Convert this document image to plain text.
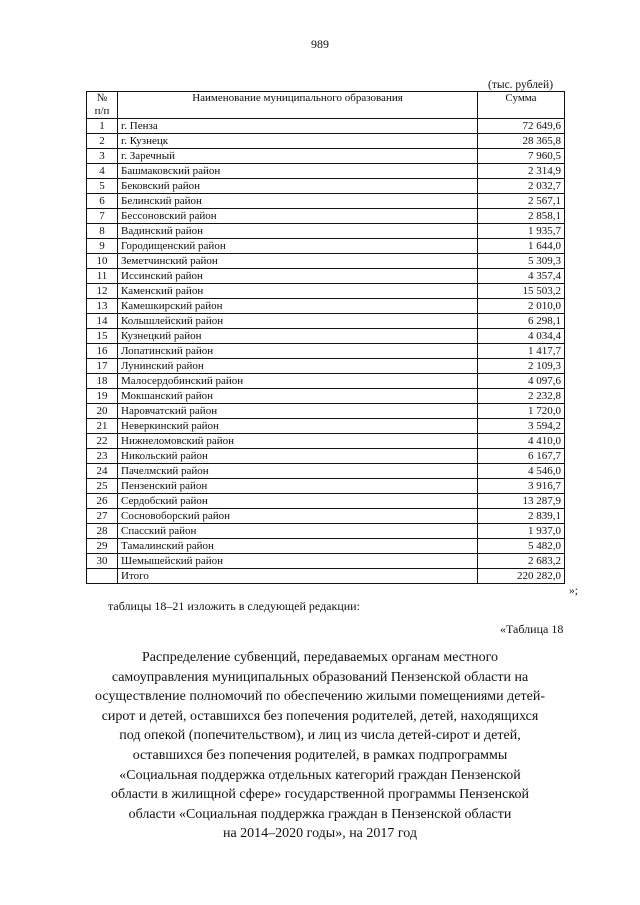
989
(тыс. рублей)
№
п/п	Наименование муниципального образования	Сумма
1	г. Пенза	72 649,6
2	г. Кузнецк	28 365,8
3	г. Заречный	7 960,5
4	Башмаковский район	2 314,9
5	Бековский район	2 032,7
6	Белинский район	2 567,1
7	Бессоновский район	2 858,1
8	Вадинский район	1 935,7
9	Городищенский район	1 644,0
10	Земетчинский район	5 309,3
11	Иссинский район	4 357,4
12	Каменский район	15 503,2
13	Камешкирский район	2 010,0
14	Колышлейский район	6 298,1
15	Кузнецкий район	4 034,4
16	Лопатинский район	1 417,7
17	Лунинский район	2 109,3
18	Малосердобинский район	4 097,6
19	Мокшанский район	2 232,8
20	Наровчатский район	1 720,0
21	Неверкинский район	3 594,2
22	Нижнеломовский район	4 410,0
23	Никольский район	6 167,7
24	Пачелмский район	4 546,0
25	Пензенский район	3 916,7
26	Сердобский район	13 287,9
27	Сосновоборский район	2 839,1
28	Спасский район	1 937,0
29	Тамалинский район	5 482,0
30	Шемышейский район	2 683,2
	Итого	220 282,0
»;
таблицы 18–21 изложить в следующей редакции:
«Таблица 18

Распределение субвенций, передаваемых органам местного
самоуправления муниципальных образований Пензенской области на
осуществление полномочий по обеспечению жилыми помещениями детей-
сирот и детей, оставшихся без попечения родителей, детей, находящихся
под опекой (попечительством), и лиц из числа детей-сирот и детей,
оставшихся без попечения родителей, в рамках подпрограммы
«Социальная поддержка отдельных категорий граждан Пензенской
области в жилищной сфере» государственной программы Пензенской
области «Социальная поддержка граждан в Пензенской области
на 2014–2020 годы», на 2017 год
